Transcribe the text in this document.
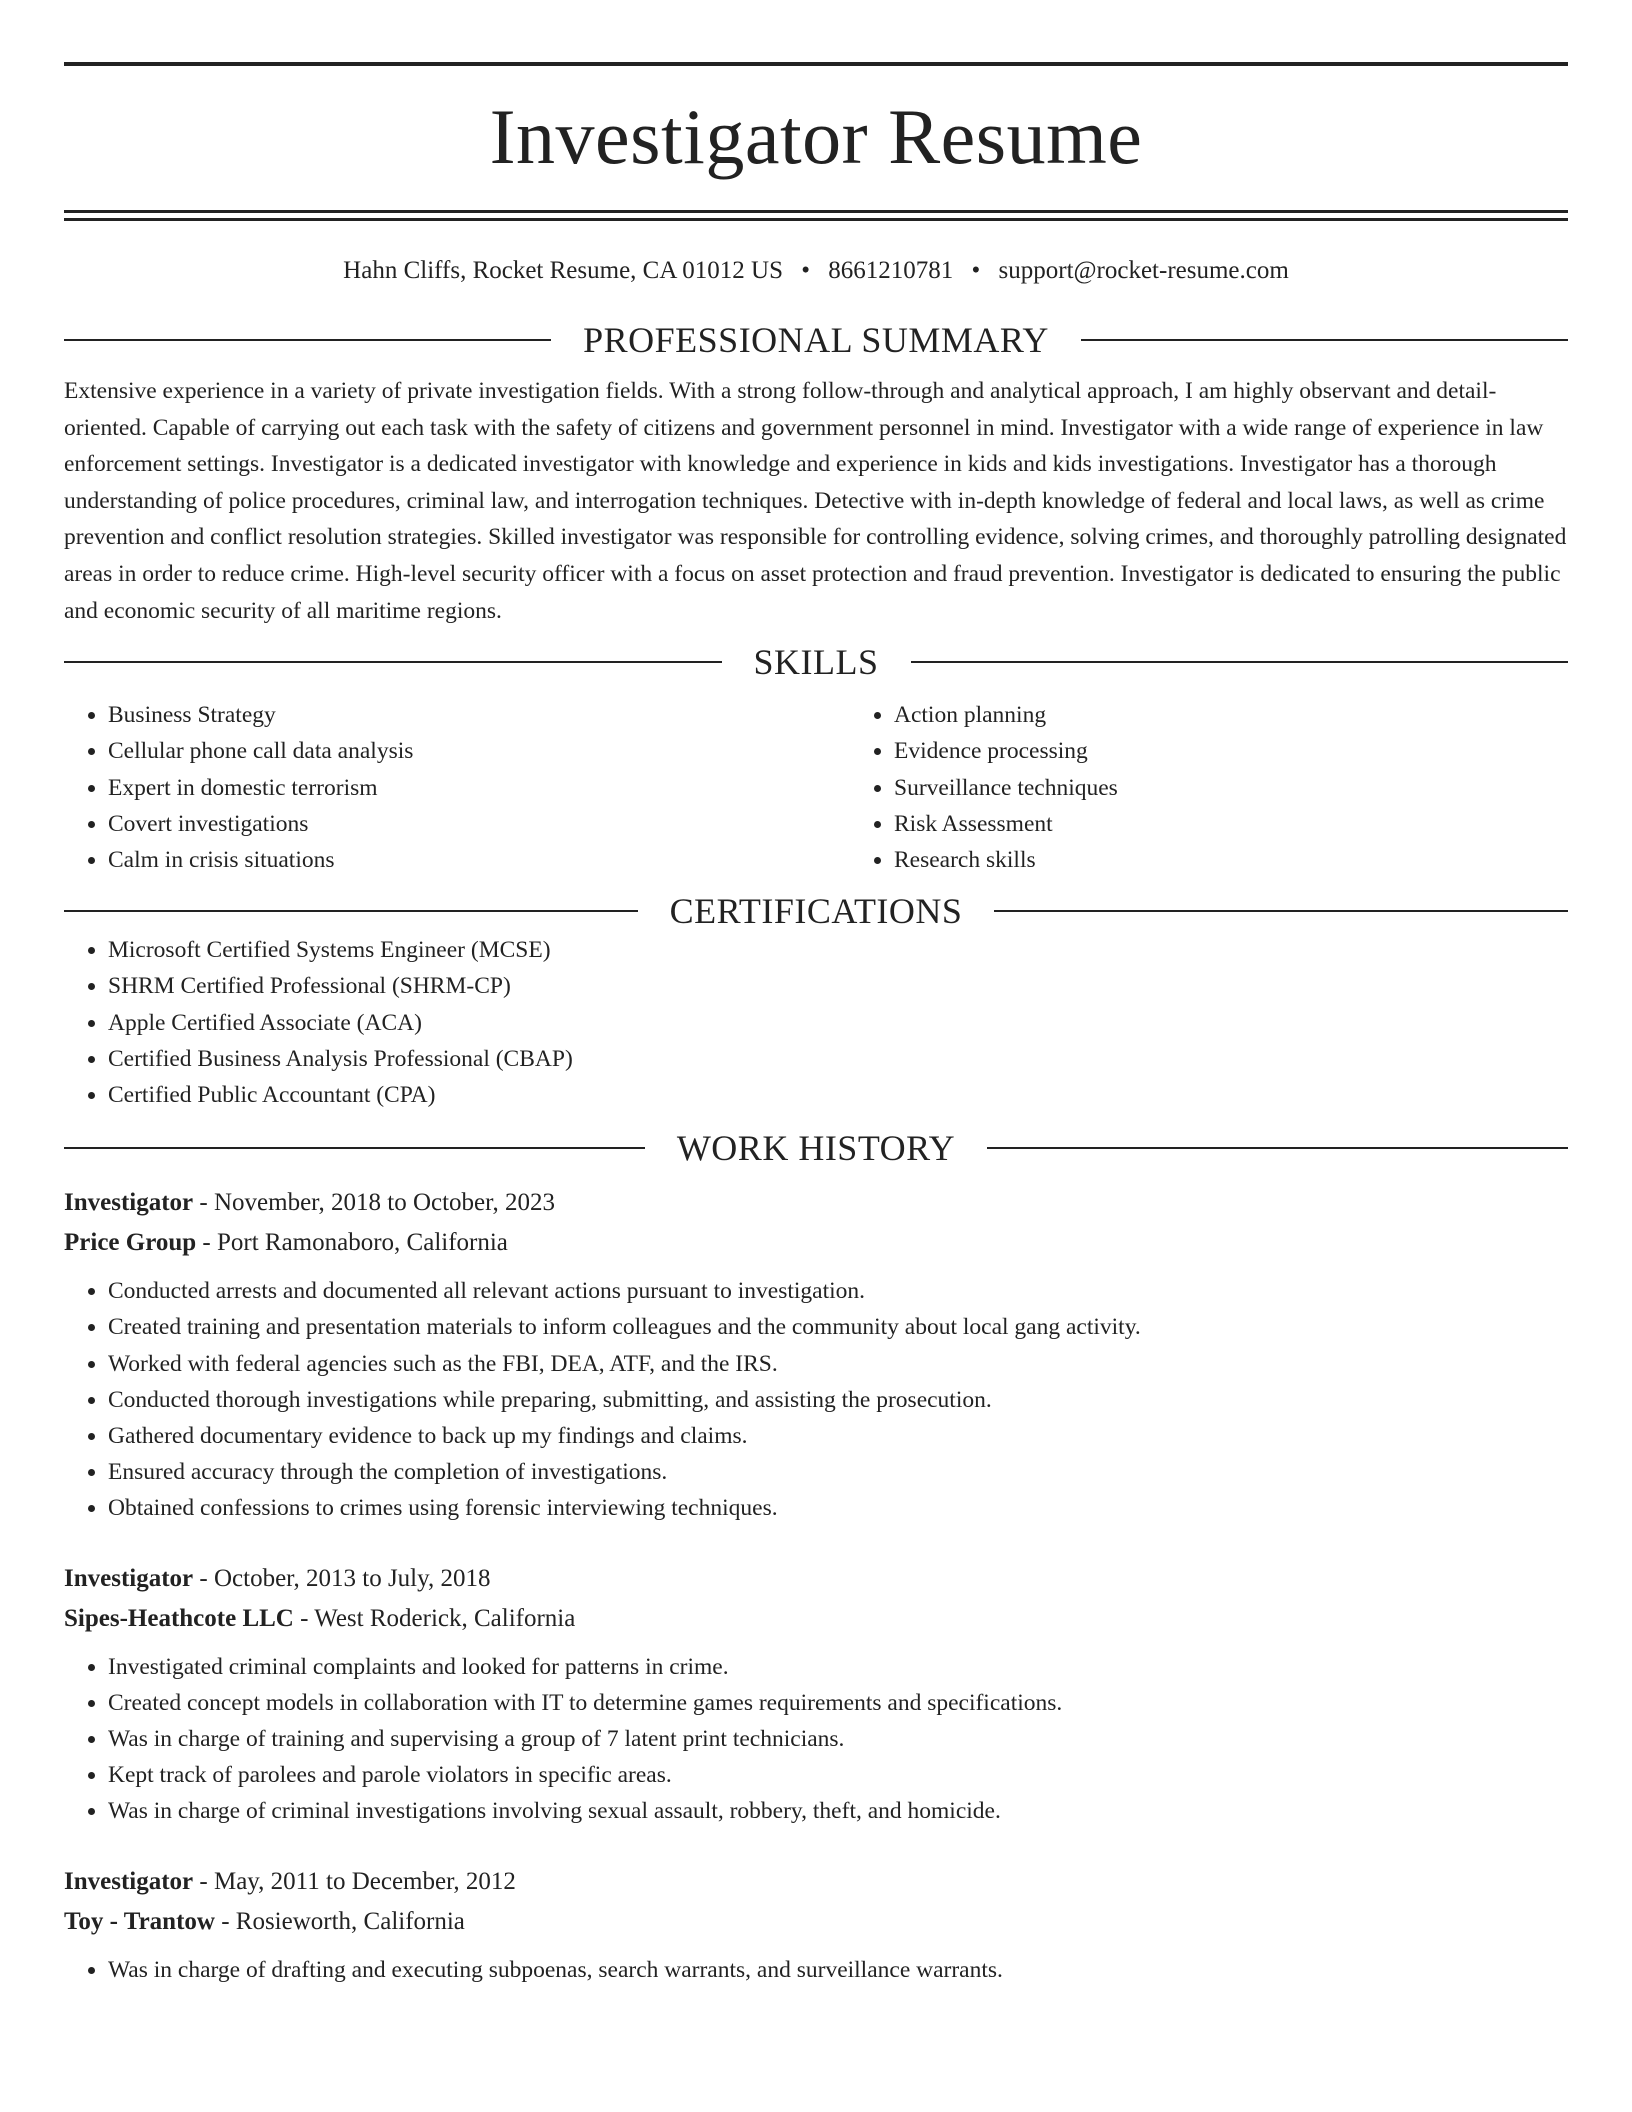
Investigator Resume
Hahn Cliffs, Rocket Resume, CA 01012 US • 8661210781 • support@rocket-resume.com
PROFESSIONAL SUMMARY

Extensive experience in a variety of private investigation fields. With a strong follow-through and analytical approach, I am highly observant and detail-oriented. Capable of carrying out each task with the safety of citizens and government personnel in mind. Investigator with a wide range of experience in law enforcement settings. Investigator is a dedicated investigator with knowledge and experience in kids and kids investigations. Investigator has a thorough understanding of police procedures, criminal law, and interrogation techniques. Detective with in-depth knowledge of federal and local laws, as well as crime prevention and conflict resolution strategies. Skilled investigator was responsible for controlling evidence, solving crimes, and thoroughly patrolling designated areas in order to reduce crime. High-level security officer with a focus on asset protection and fraud prevention. Investigator is dedicated to ensuring the public and economic security of all maritime regions.

SKILLS
• Business Strategy
• Cellular phone call data analysis
• Expert in domestic terrorism
• Covert investigations
• Calm in crisis situations
• Action planning
• Evidence processing
• Surveillance techniques
• Risk Assessment
• Research skills
CERTIFICATIONS
• Microsoft Certified Systems Engineer (MCSE)
• SHRM Certified Professional (SHRM-CP)
• Apple Certified Associate (ACA)
• Certified Business Analysis Professional (CBAP)
• Certified Public Accountant (CPA)
WORK HISTORY
Investigator - November, 2018 to October, 2023
Price Group - Port Ramonaboro, California
• Conducted arrests and documented all relevant actions pursuant to investigation.
• Created training and presentation materials to inform colleagues and the community about local gang activity.
• Worked with federal agencies such as the FBI, DEA, ATF, and the IRS.
• Conducted thorough investigations while preparing, submitting, and assisting the prosecution.
• Gathered documentary evidence to back up my findings and claims.
• Ensured accuracy through the completion of investigations.
• Obtained confessions to crimes using forensic interviewing techniques.
Investigator - October, 2013 to July, 2018
Sipes-Heathcote LLC - West Roderick, California
• Investigated criminal complaints and looked for patterns in crime.
• Created concept models in collaboration with IT to determine games requirements and specifications.
• Was in charge of training and supervising a group of 7 latent print technicians.
• Kept track of parolees and parole violators in specific areas.
• Was in charge of criminal investigations involving sexual assault, robbery, theft, and homicide.
Investigator - May, 2011 to December, 2012
Toy - Trantow - Rosieworth, California
• Was in charge of drafting and executing subpoenas, search warrants, and surveillance warrants.
